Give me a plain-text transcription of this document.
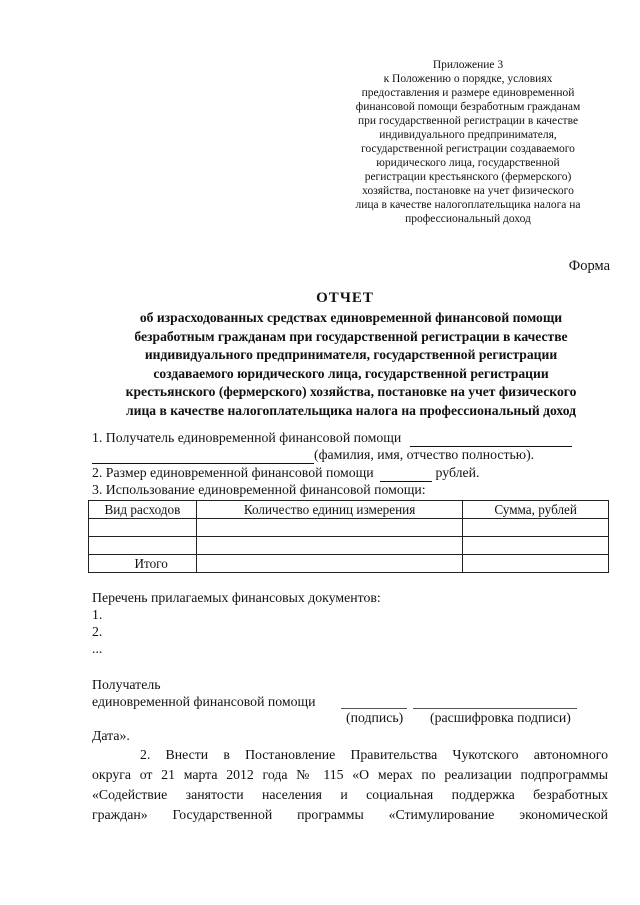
Приложение 3
к Положению о порядке, условиях
предоставления и размере единовременной
финансовой помощи безработным гражданам
при государственной регистрации в качестве
индивидуального предпринимателя,
государственной регистрации создаваемого
юридического лица, государственной
регистрации крестьянского (фермерского)
хозяйства, постановке на учет физического
лица в качестве налогоплательщика налога на
профессиональный доход
Форма
ОТЧЕТ
об израсходованных средствах единовременной финансовой помощи
безработным гражданам при государственной регистрации в качестве
индивидуального предпринимателя, государственной регистрации
создаваемого юридического лица, государственной регистрации
крестьянского (фермерского) хозяйства, постановке на учет физического
лица в качестве налогоплательщика налога на профессиональный доход
1. Получатель единовременной финансовой помощи
(фамилия, имя, отчество полностью).
2. Размер единовременной финансовой помощи	рублей.
3. Использование единовременной финансовой помощи:
Вид расходов	Количество единиц измерения	Сумма, рублей

Итого		
Перечень прилагаемых финансовых документов:
1.
2.
...
Получатель
единовременной финансовой помощи
(подпись) (расшифровка подписи)
Дата».
2. Внести в Постановление Правительства Чукотского автономного
округа от 21 марта 2012 года № 115 «О мерах по реализации подпрограммы
«Содействие занятости населения и социальная поддержка безработных
граждан» Государственной программы «Стимулирование экономической
